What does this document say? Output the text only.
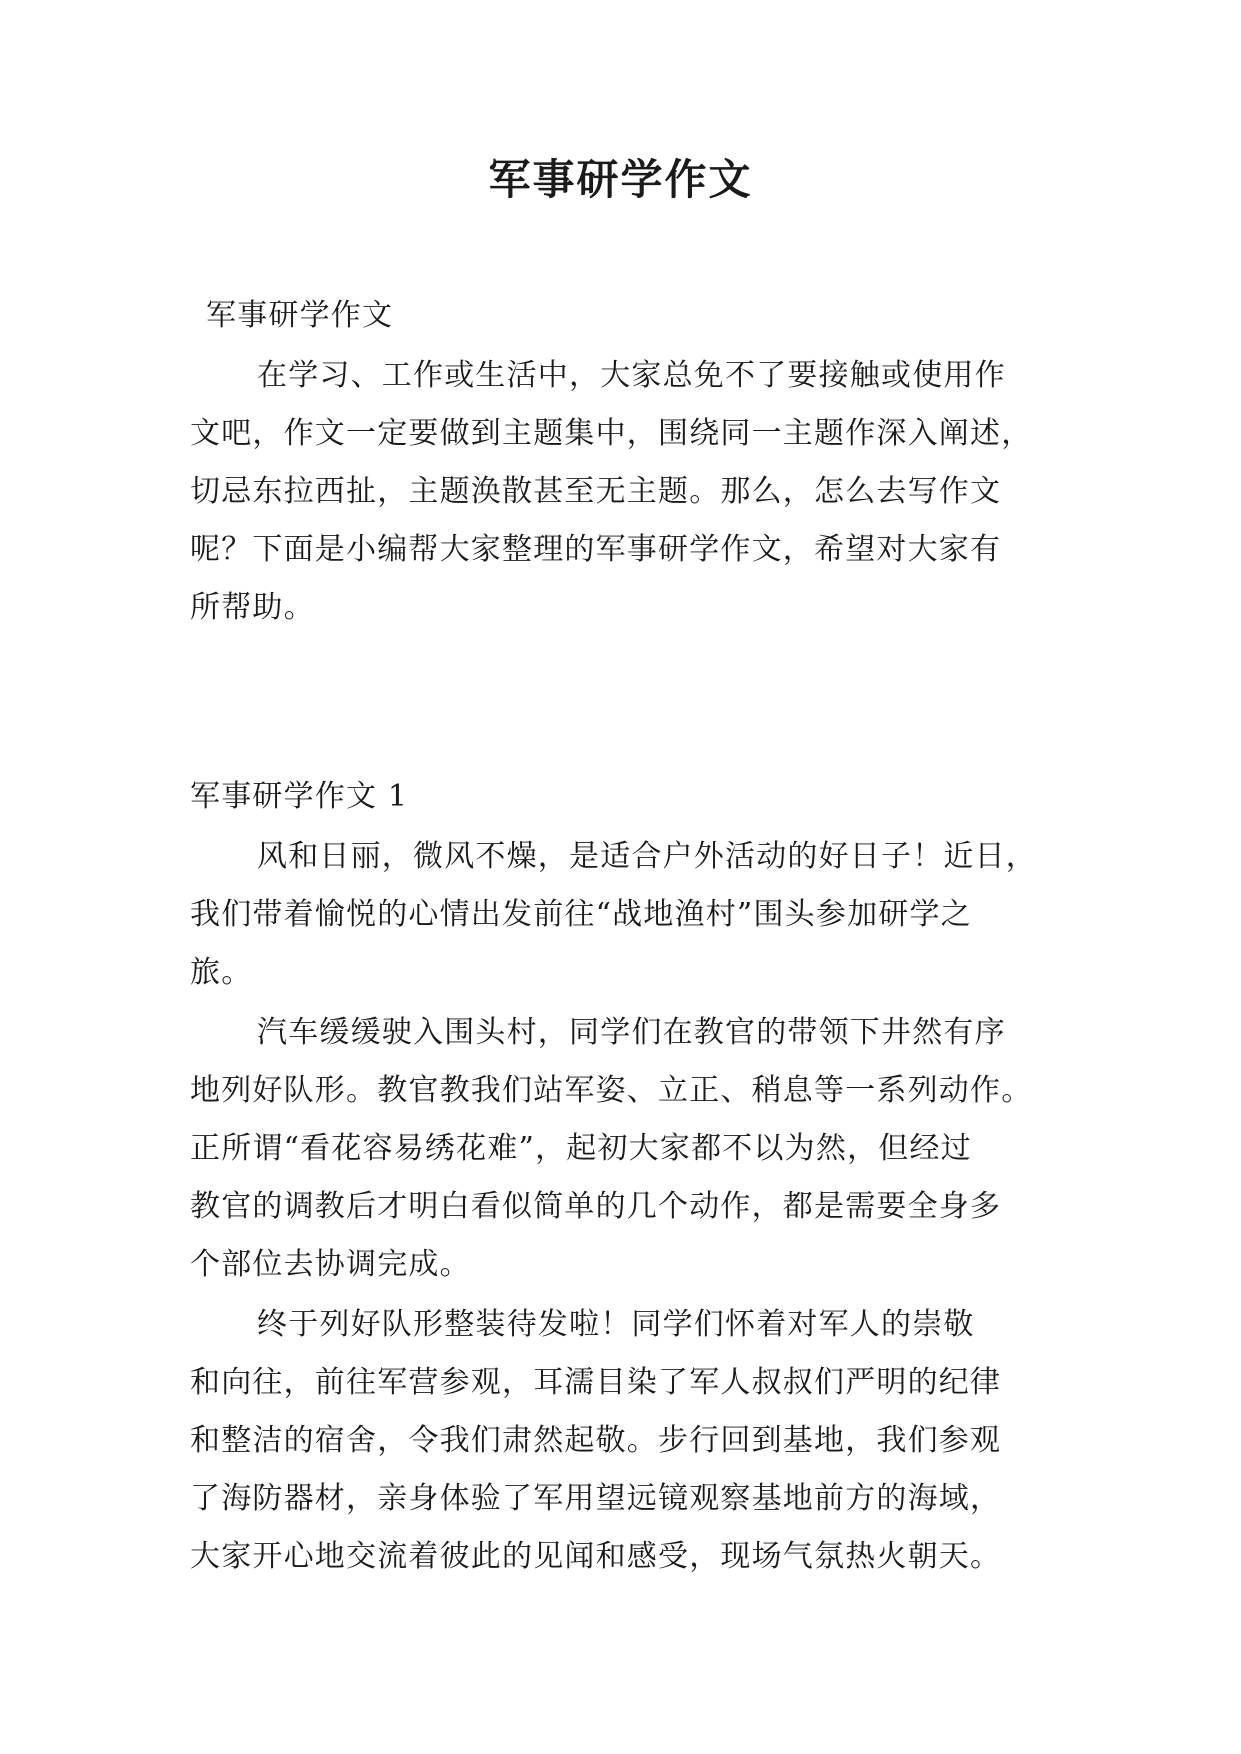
军事研学作文

军事研学作文

在学习、工作或生活中，大家总免不了要接触或使用作

文吧，作文一定要做到主题集中，围绕同一主题作深入阐述，

切忌东拉西扯，主题涣散甚至无主题。那么，怎么去写作文

呢？下面是小编帮大家整理的军事研学作文，希望对大家有

所帮助。

军事研学作文 1

风和日丽，微风不燥，是适合户外活动的好日子！近日，

我们带着愉悦的心情出发前往“战地渔村”围头参加研学之

旅。

汽车缓缓驶入围头村，同学们在教官的带领下井然有序

地列好队形。教官教我们站军姿、立正、稍息等一系列动作。

正所谓“看花容易绣花难”，起初大家都不以为然，但经过

教官的调教后才明白看似简单的几个动作，都是需要全身多

个部位去协调完成。

终于列好队形整装待发啦！同学们怀着对军人的崇敬

和向往，前往军营参观，耳濡目染了军人叔叔们严明的纪律

和整洁的宿舍，令我们肃然起敬。步行回到基地，我们参观

了海防器材，亲身体验了军用望远镜观察基地前方的海域，

大家开心地交流着彼此的见闻和感受，现场气氛热火朝天。
